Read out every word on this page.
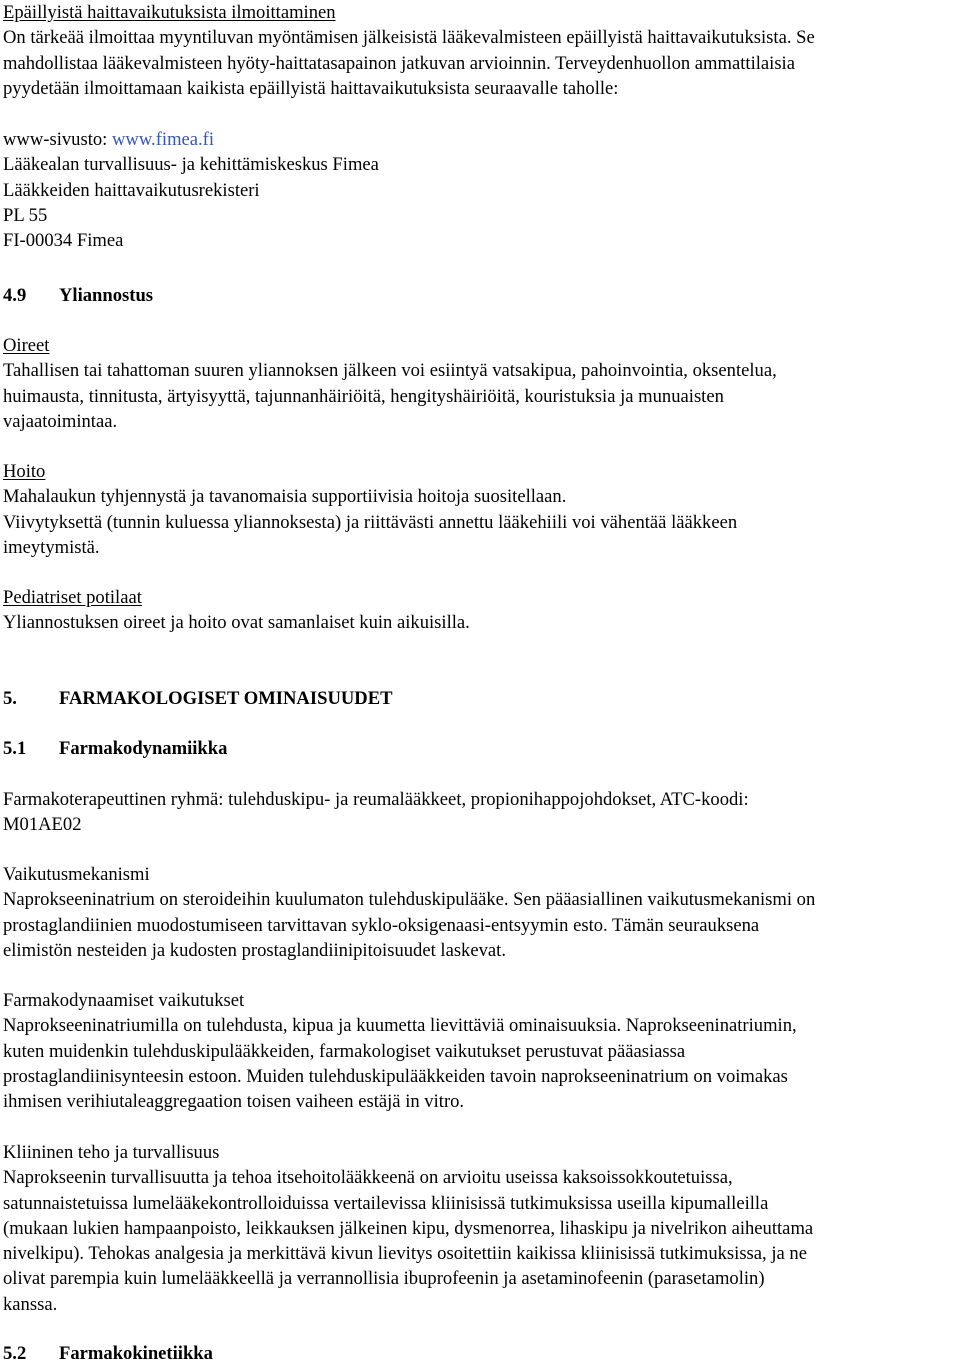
Epäillyistä haittavaikutuksista ilmoittaminen
On tärkeää ilmoittaa myyntiluvan myöntämisen jälkeisistä lääkevalmisteen epäillyistä haittavaikutuksista. Se
mahdollistaa lääkevalmisteen hyöty-haittatasapainon jatkuvan arvioinnin. Terveydenhuollon ammattilaisia
pyydetään ilmoittamaan kaikista epäillyistä haittavaikutuksista seuraavalle taholle:
www-sivusto: www.fimea.fi
Lääkealan turvallisuus- ja kehittämiskeskus Fimea
Lääkkeiden haittavaikutusrekisteri
PL 55
FI-00034 Fimea
4.9 Yliannostus
Oireet
Tahallisen tai tahattoman suuren yliannoksen jälkeen voi esiintyä vatsakipua, pahoinvointia, oksentelua,
huimausta, tinnitusta, ärtyisyyttä, tajunnanhäiriöitä, hengityshäiriöitä, kouristuksia ja munuaisten
vajaatoimintaa.
Hoito
Mahalaukun tyhjennystä ja tavanomaisia supportiivisia hoitoja suositellaan.
Viivytyksettä (tunnin kuluessa yliannoksesta) ja riittävästi annettu lääkehiili voi vähentää lääkkeen
imeytymistä.
Pediatriset potilaat
Yliannostuksen oireet ja hoito ovat samanlaiset kuin aikuisilla.
5. FARMAKOLOGISET OMINAISUUDET
5.1 Farmakodynamiikka
Farmakoterapeuttinen ryhmä: tulehduskipu- ja reumalääkkeet, propionihappojohdokset, ATC-koodi:
M01AE02
Vaikutusmekanismi
Naprokseeninatrium on steroideihin kuulumaton tulehduskipulääke. Sen pääasiallinen vaikutusmekanismi on
prostaglandiinien muodostumiseen tarvittavan syklo-oksigenaasi-entsyymin esto. Tämän seurauksena
elimistön nesteiden ja kudosten prostaglandiinipitoisuudet laskevat.
Farmakodynaamiset vaikutukset
Naprokseeninatriumilla on tulehdusta, kipua ja kuumetta lievittäviä ominaisuuksia. Naprokseeninatriumin,
kuten muidenkin tulehduskipulääkkeiden, farmakologiset vaikutukset perustuvat pääasiassa
prostaglandiinisynteesin estoon. Muiden tulehduskipulääkkeiden tavoin naprokseeninatrium on voimakas
ihmisen verihiutaleaggregaation toisen vaiheen estäjä in vitro.
Kliininen teho ja turvallisuus
Naprokseenin turvallisuutta ja tehoa itsehoitolääkkeenä on arvioitu useissa kaksoissokkoutetuissa,
satunnaistetuissa lumelääkekontrolloiduissa vertailevissa kliinisissä tutkimuksissa useilla kipumalleilla
(mukaan lukien hampaanpoisto, leikkauksen jälkeinen kipu, dysmenorrea, lihaskipu ja nivelrikon aiheuttama
nivelkipu). Tehokas analgesia ja merkittävä kivun lievitys osoitettiin kaikissa kliinisissä tutkimuksissa, ja ne
olivat parempia kuin lumelääkkeellä ja verrannollisia ibuprofeenin ja asetaminofeenin (parasetamolin)
kanssa.
5.2 Farmakokinetiikka
